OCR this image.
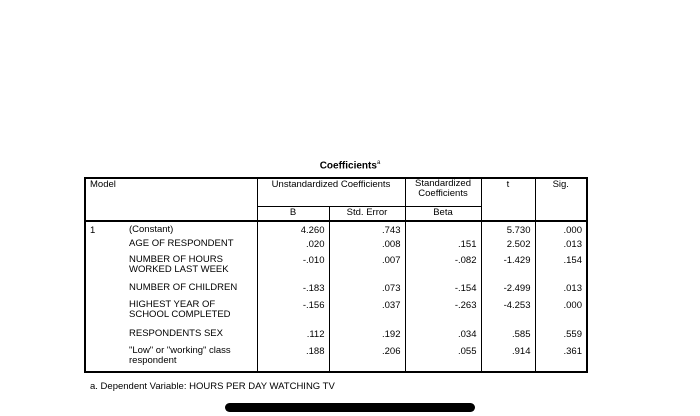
Coefficients$^a$
Model		Unstandardized Coefficients		Standardized Coefficients	t	Sig.
		B	Std. Error	Beta		
1	(Constant)	4.260	.743		5.730	.000
	AGE OF RESPONDENT	.020	.008	.151	2.502	.013
	NUMBER OF HOURS WORKED LAST WEEK	-.010	.007	-.082	-1.429	.154
	NUMBER OF CHILDREN	-.183	.073	-.154	-2.499	.013
	HIGHEST YEAR OF SCHOOL COMPLETED	-.156	.037	-.263	-4.253	.000
	RESPONDENTS SEX	.112	.192	.034	.585	.559
	"Low" or "working" class respondent	.188	.206	.055	.914	.361
a. Dependent Variable: HOURS PER DAY WATCHING TV
